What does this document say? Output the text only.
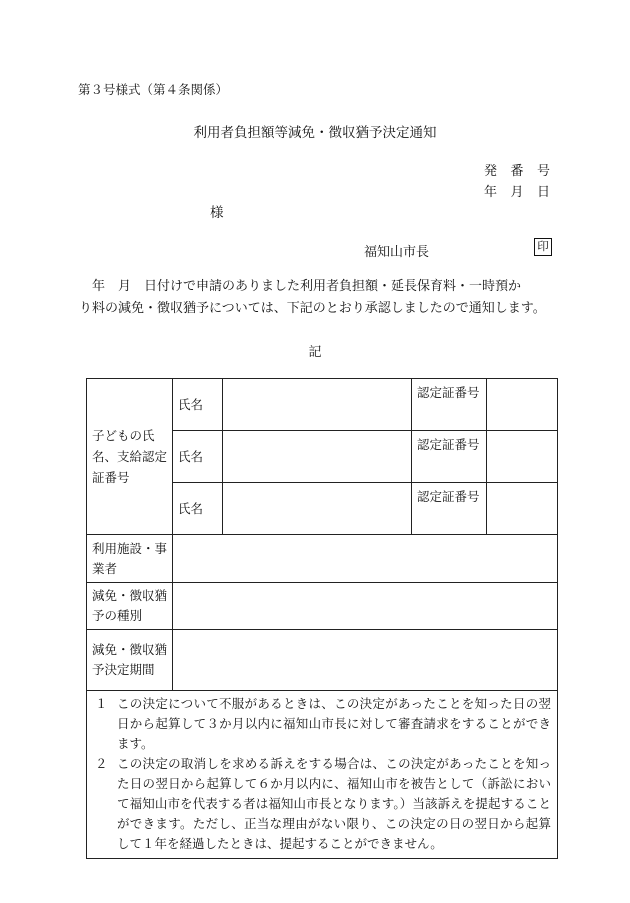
第３号様式（第４条関係）
利用者負担額等減免・徴収猶予決定通知
発 番 号
年 月 日
様
福知山市長	印

　年　月　日付けで申請のありました利用者負担額・延長保育料・一時預か

り料の減免・徴収猶予については、下記のとおり承認しましたので通知します。

記
子どもの氏名、支給認定証番号	氏名		認定証番号	
	氏名		認定証番号	
	氏名		認定証番号	
利用施設・事業者				
減免・徴収猶予の種別				
減免・徴収猶予決定期間				

１ この決定について不服があるときは、この決定があったことを知った日の翌日から起算して３か月以内に福知山市長に対して審査請求をすることができます。
２ この決定の取消しを求める訴えをする場合は、この決定があったことを知った日の翌日から起算して６か月以内に、福知山市を被告として（訴訟において福知山市を代表する者は福知山市長となります。）当該訴えを提起することができます。ただし、正当な理由がない限り、この決定の日の翌日から起算して１年を経過したときは、提起することができません。				
